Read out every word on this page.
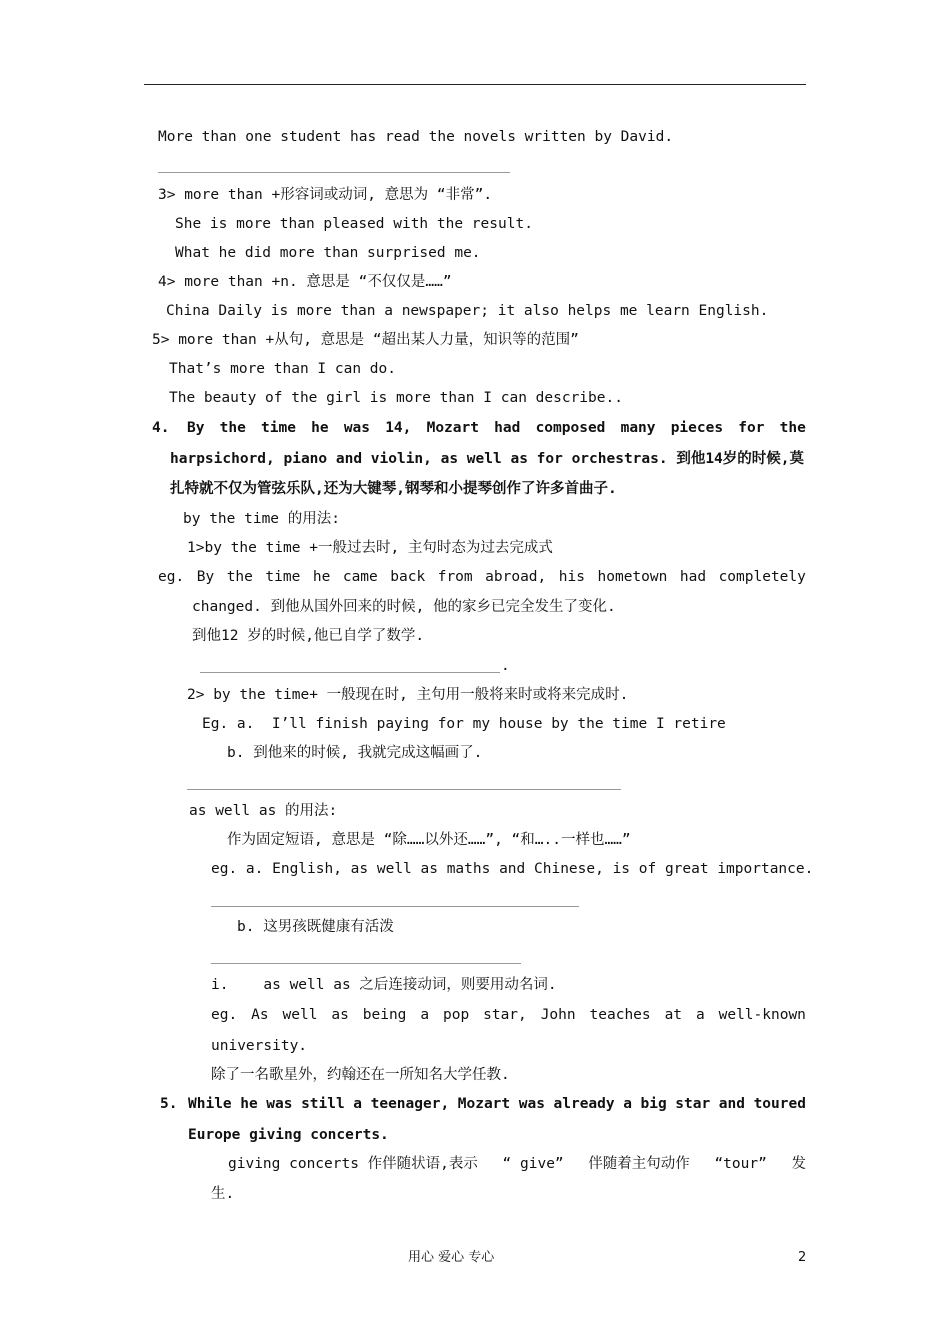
More than one student has read the novels written by David.
3> more than +形容词或动词, 意思为 “非常”.
She is more than pleased with the result.
What he did more than surprised me.
4> more than +n. 意思是 “不仅仅是……”
China Daily is more than a newspaper; it also helps me learn English.
5> more than +从句, 意思是 “超出某人力量，知识等的范围”
That’s more than I can do.
The beauty of the girl is more than I can describe..
4. By the time he was 14, Mozart had composed many pieces for the
harpsichord, piano and violin, as well as for orchestras. 到他14岁的时候,莫
扎特就不仅为管弦乐队,还为大键琴,钢琴和小提琴创作了许多首曲子.
by the time 的用法:
1>by the time +一般过去时, 主句时态为过去完成式
eg. By the time he came back from abroad, his hometown had completely
changed. 到他从国外回来的时候, 他的家乡已完全发生了变化.
到他12 岁的时候,他已自学了数学.
.
2> by the time+ 一般现在时, 主句用一般将来时或将来完成时.
Eg. a.  I’ll finish paying for my house by the time I retire
b. 到他来的时候, 我就完成这幅画了.
as well as 的用法:
作为固定短语, 意思是 “除……以外还……”, “和…..一样也……”
eg. a. English, as well as maths and Chinese, is of great importance.
b. 这男孩既健康有活泼
i.    as well as 之后连接动词，则要用动名词.
eg. As well as being a pop star, John teaches at a well-known
university.
除了一名歌星外，约翰还在一所知名大学任教.
5. While he was still a teenager, Mozart was already a big star and toured
Europe giving concerts.
giving concerts 作伴随状语,表示 “ give” 伴随着主句动作 “tour” 发
生.
用心 爱心 专心	2
